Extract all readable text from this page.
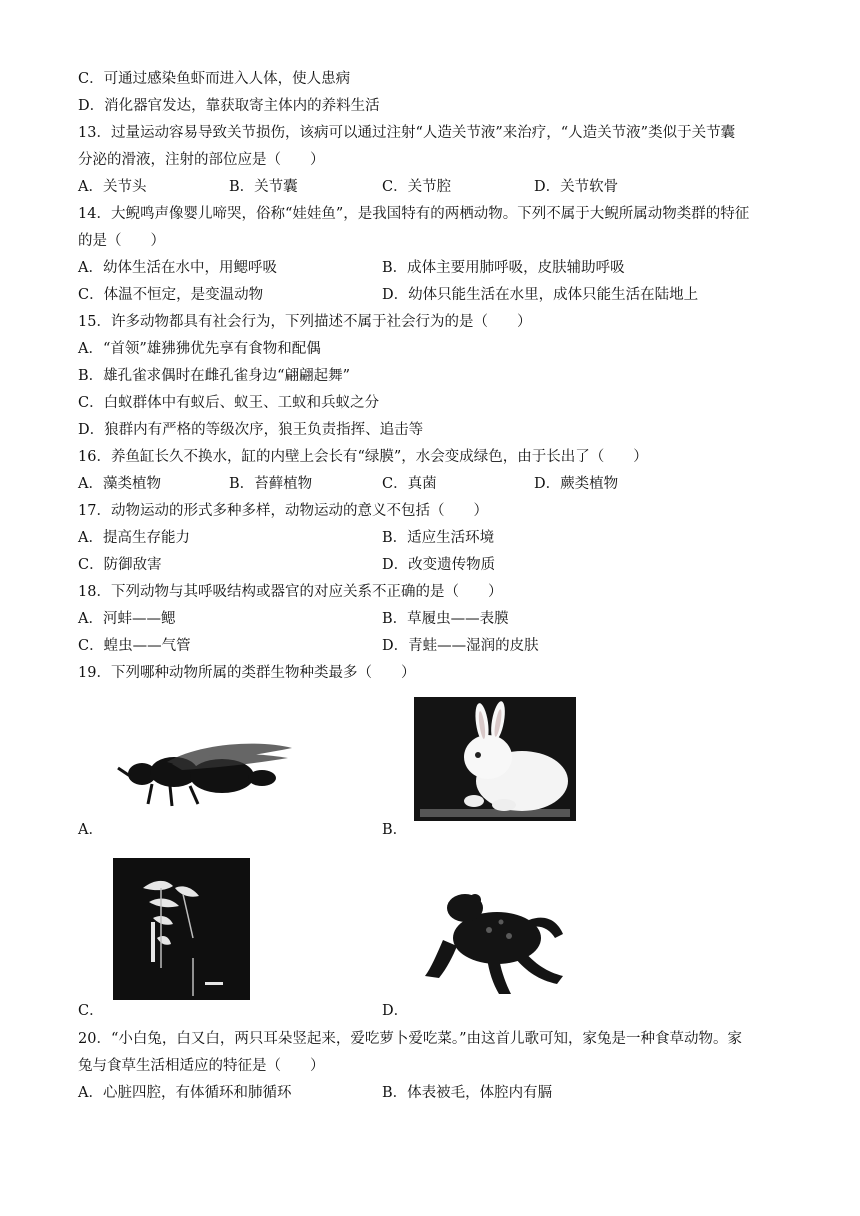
C．可通过感染鱼虾而进入人体，使人患病
D．消化器官发达，靠获取寄主体内的养料生活
13．过量运动容易导致关节损伤，该病可以通过注射“人造关节液”来治疗，“人造关节液”类似于关节囊
分泌的滑液，注射的部位应是（　　）
A．关节头	B．关节囊	C．关节腔	D．关节软骨
14．大鲵鸣声像婴儿啼哭，俗称“娃娃鱼”，是我国特有的两栖动物。下列不属于大鲵所属动物类群的特征
的是（　　）
A．幼体生活在水中，用鳃呼吸	B．成体主要用肺呼吸，皮肤辅助呼吸
C．体温不恒定，是变温动物	D．幼体只能生活在水里，成体只能生活在陆地上
15．许多动物都具有社会行为，下列描述不属于社会行为的是（　　）
A．“首领”雄狒狒优先享有食物和配偶
B．雄孔雀求偶时在雌孔雀身边“翩翩起舞”
C．白蚁群体中有蚁后、蚁王、工蚁和兵蚁之分
D．狼群内有严格的等级次序，狼王负责指挥、追击等
16．养鱼缸长久不换水，缸的内壁上会长有“绿膜”，水会变成绿色，由于长出了（　　）
A．藻类植物	B．苔藓植物	C．真菌	D．蕨类植物
17．动物运动的形式多种多样，动物运动的意义不包括（　　）
A．提高生存能力	B．适应生活环境
C．防御敌害	D．改变遗传物质
18．下列动物与其呼吸结构或器官的对应关系不正确的是（　　）
A．河蚌——鳃	B．草履虫——表膜
C．蝗虫——气管	D．青蛙——湿润的皮肤
19．下列哪种动物所属的类群生物种类最多（　　）
A．	B．
C．	D．
20．“小白兔，白又白，两只耳朵竖起来，爱吃萝卜爱吃菜。”由这首儿歌可知，家兔是一种食草动物。家
兔与食草生活相适应的特征是（　　）
A．心脏四腔，有体循环和肺循环	B．体表被毛，体腔内有膈
